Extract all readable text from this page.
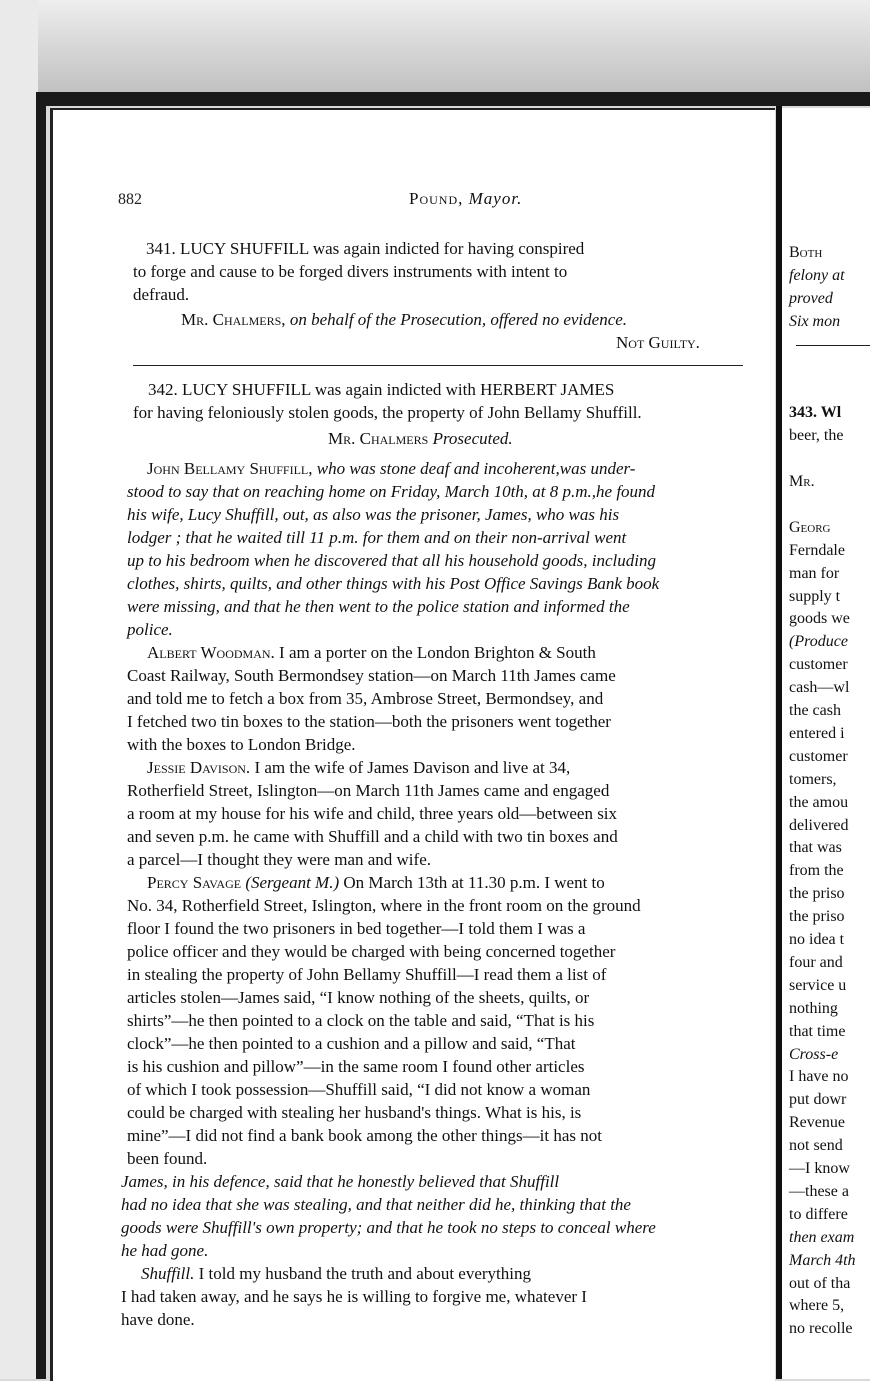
882	Pound, Mayor.
341. LUCY SHUFFILL was again indicted for having conspired
to forge and cause to be forged divers instruments with intent to
defraud.
Mr. Chalmers, on behalf of the Prosecution, offered no evidence.
Not Guilty.
342. LUCY SHUFFILL was again indicted with HERBERT JAMES
for having feloniously stolen goods, the property of John Bellamy Shuffill.
Mr. Chalmers Prosecuted.
John Bellamy Shuffill, who was stone deaf and incoherent,was under-
stood to say that on reaching home on Friday, March 10th, at 8 p.m.,he found
his wife, Lucy Shuffill, out, as also was the prisoner, James, who was his
lodger ; that he waited till 11 p.m. for them and on their non-arrival went
up to his bedroom when he discovered that all his household goods, including
clothes, shirts, quilts, and other things with his Post Office Savings Bank book
were missing, and that he then went to the police station and informed the
police.
Albert Woodman. I am a porter on the London Brighton & South
Coast Railway, South Bermondsey station—on March 11th James came
and told me to fetch a box from 35, Ambrose Street, Bermondsey, and
I fetched two tin boxes to the station—both the prisoners went together
with the boxes to London Bridge.
Jessie Davison. I am the wife of James Davison and live at 34,
Rotherfield Street, Islington—on March 11th James came and engaged
a room at my house for his wife and child, three years old—between six
and seven p.m. he came with Shuffill and a child with two tin boxes and
a parcel—I thought they were man and wife.
Percy Savage (Sergeant M.) On March 13th at 11.30 p.m. I went to
No. 34, Rotherfield Street, Islington, where in the front room on the ground
floor I found the two prisoners in bed together—I told them I was a
police officer and they would be charged with being concerned together
in stealing the property of John Bellamy Shuffill—I read them a list of
articles stolen—James said, “I know nothing of the sheets, quilts, or
shirts”—he then pointed to a clock on the table and said, “That is his
clock”—he then pointed to a cushion and a pillow and said, “That
is his cushion and pillow”—in the same room I found other articles
of which I took possession—Shuffill said, “I did not know a woman
could be charged with stealing her husband's things. What is his, is
mine”—I did not find a bank book among the other things—it has not
been found.
James, in his defence, said that he honestly believed that Shuffill
had no idea that she was stealing, and that neither did he, thinking that the
goods were Shuffill's own property; and that he took no steps to conceal where
he had gone.
Shuffill. I told my husband the truth and about everything
I had taken away, and he says he is willing to forgive me, whatever I
have done.
Both
felony at
proved
Six mon
343. Wl
beer, the
Mr.
Georg
Ferndale
man for
supply t
goods we
(Produce
customer
cash—wl
the cash
entered i
customer
tomers,
the amou
delivered
that was
from the
the priso
the priso
no idea t
four and
service u
nothing
that time
Cross-e
I have no
put dowr
Revenue
not send
—I know
—these a
to differe
then exam
March 4th
out of tha
where 5,
no recolle
